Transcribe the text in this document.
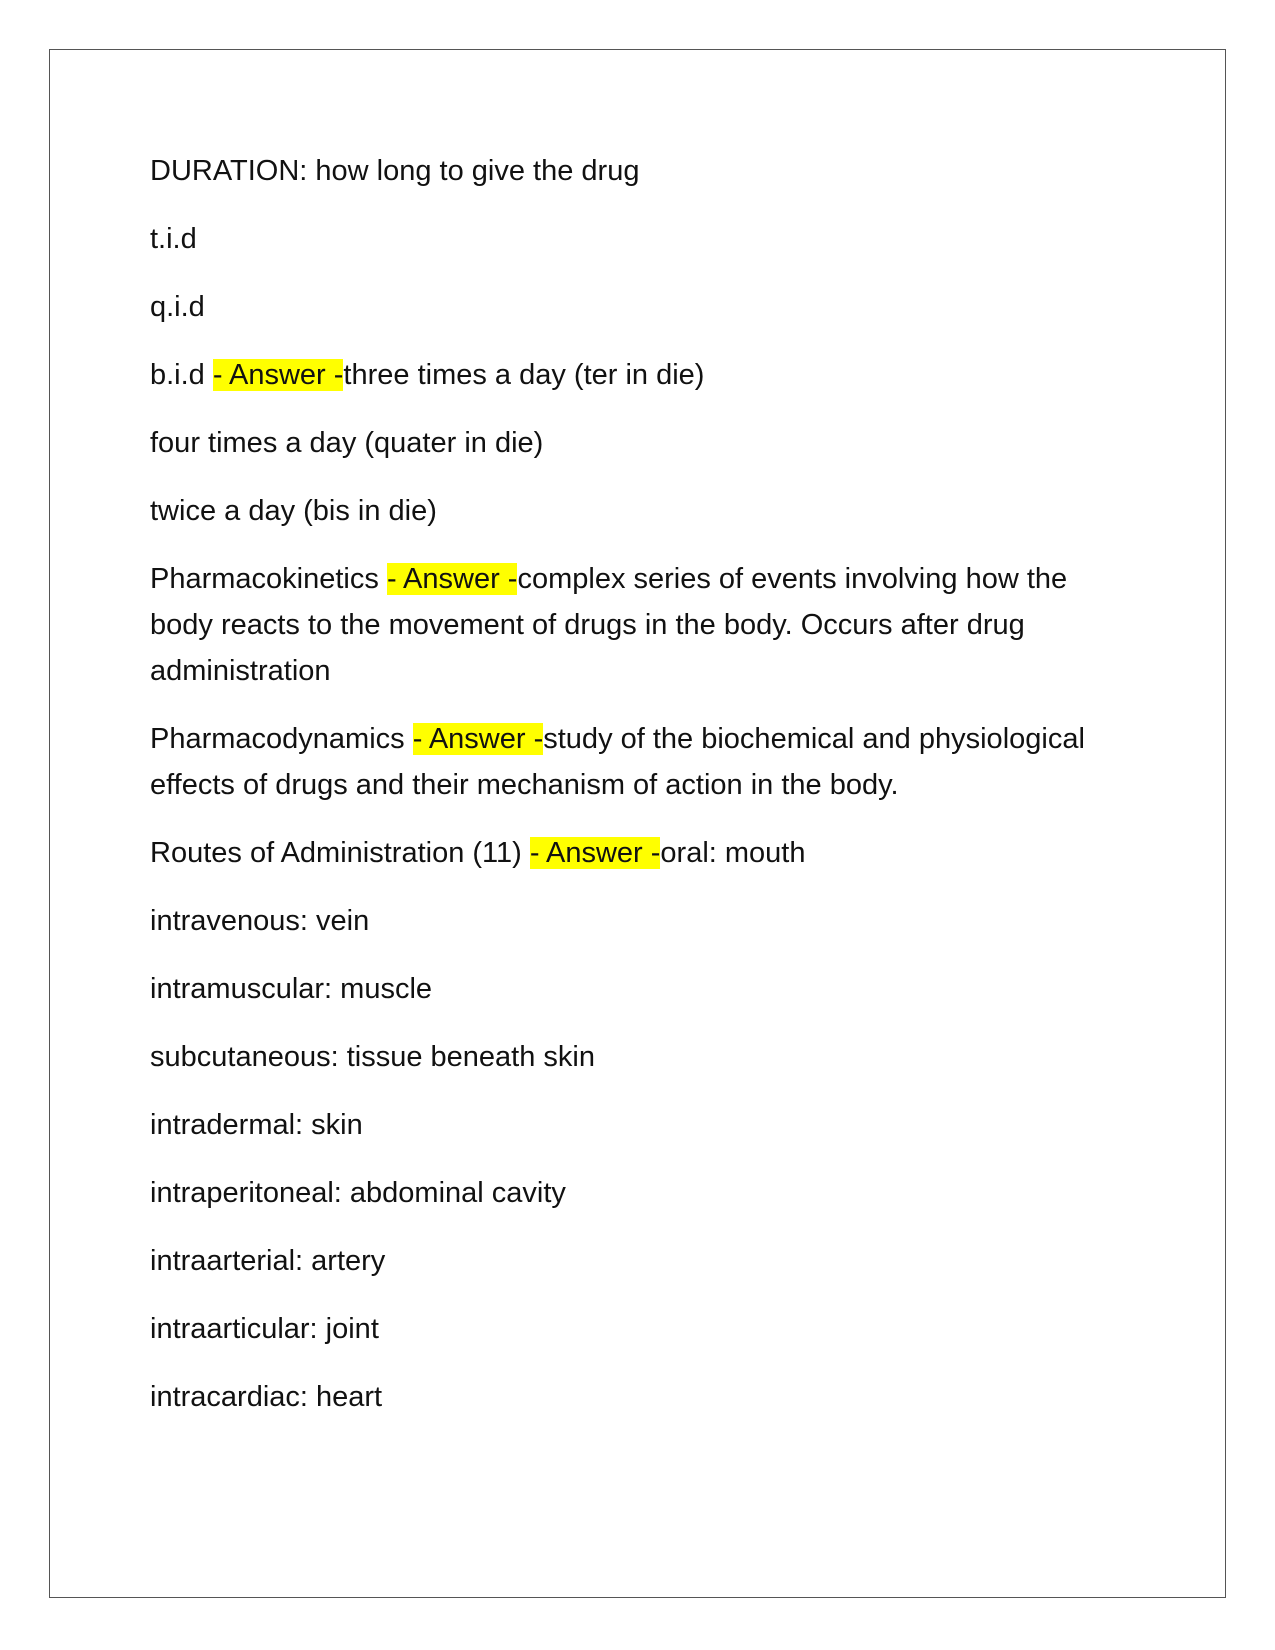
DURATION: how long to give the drug

t.i.d

q.i.d

b.i.d - Answer -three times a day (ter in die)

four times a day (quater in die)

twice a day (bis in die)

Pharmacokinetics - Answer -complex series of events involving how the body reacts to the movement of drugs in the body. Occurs after drug administration

Pharmacodynamics - Answer -study of the biochemical and physiological effects of drugs and their mechanism of action in the body.

Routes of Administration (11) - Answer -oral: mouth

intravenous: vein

intramuscular: muscle

subcutaneous: tissue beneath skin

intradermal: skin

intraperitoneal: abdominal cavity

intraarterial: artery

intraarticular: joint

intracardiac: heart
